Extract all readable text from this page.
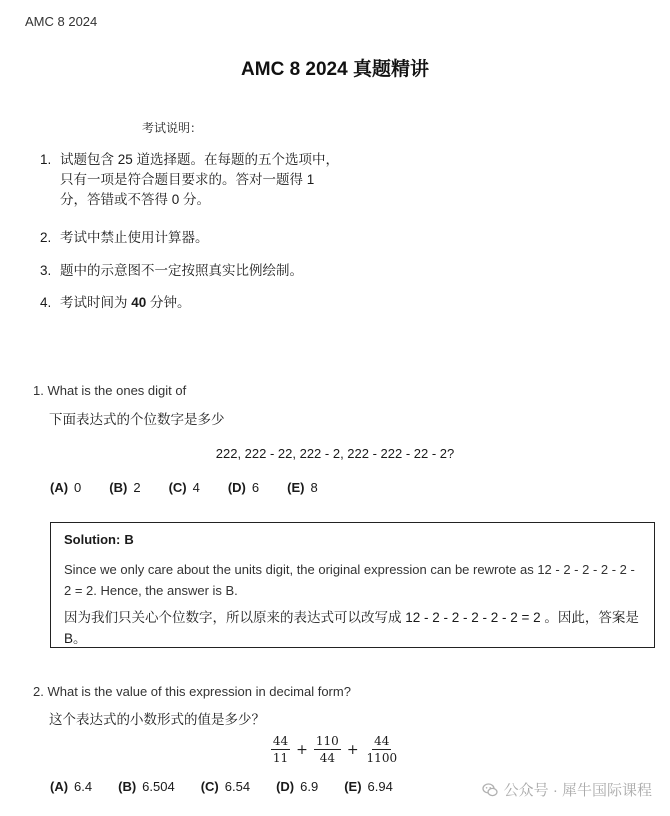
AMC 8 2024
AMC 8 2024 真题精讲
考试说明：
1. 试题包含 25 道选择题。在每题的五个选项中，只有一项是符合题目要求的。答对一题得 1 分，答错或不答得 0 分。
2. 考试中禁止使用计算器。
3. 题中的示意图不一定按照真实比例绘制。
4. 考试时间为 40 分钟。
1. What is the ones digit of
下面表达式的个位数字是多少
222, 222 - 22, 222 - 2, 222 - 222 - 22 - 2?
(A) 0 (B) 2 (C) 4 (D) 6 (E) 8
Solution: B
Since we only care about the units digit, the original expression can be rewrote as 12 - 2 - 2 - 2 - 2 - 2 = 2. Hence, the answer is B.
因为我们只关心个位数字，所以原来的表达式可以改写成 12 - 2 - 2 - 2 - 2 - 2 = 2 。因此，答案是 B。
2. What is the value of this expression in decimal form?
这个表达式的小数形式的值是多少？
$\frac{44}{11} + \frac{110}{44} + \frac{44}{1100}$
(A) 6.4 (B) 6.504 (C) 6.54 (D) 6.9 (E) 6.94	公众号 · 犀牛国际课程
